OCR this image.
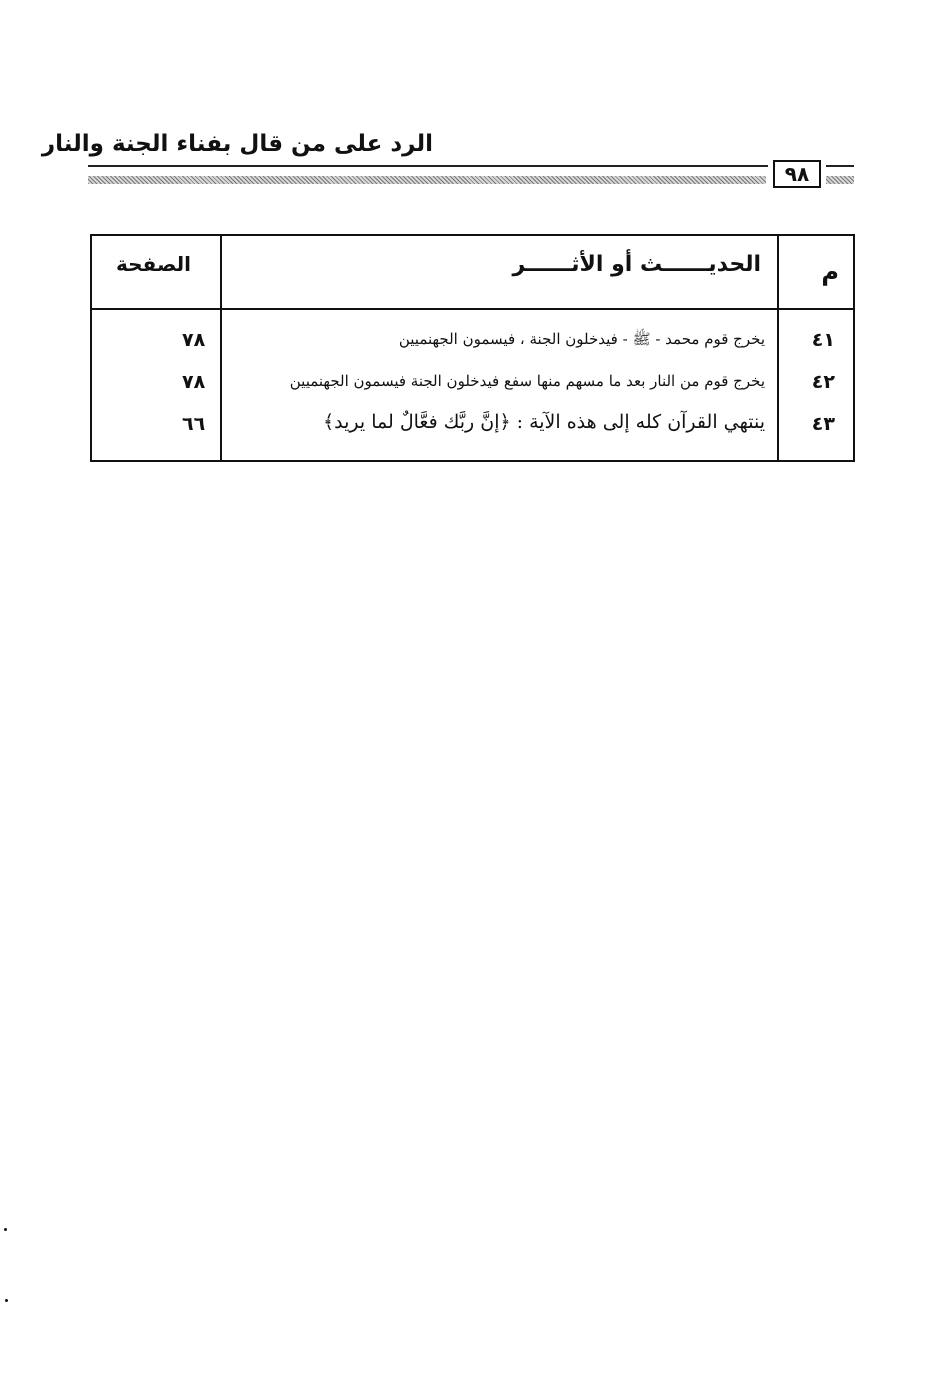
الرد على من قال بفناء الجنة والنار
٩٨
م
الحديــــــث أو الأثــــــر
الصفحة
٤١
يخرج قوم محمد - ﷺ - فيدخلون الجنة ، فيسمون الجهنميين
٧٨
٤٢
يخرج قوم من النار بعد ما مسهم منها سفع فيدخلون الجنة فيسمون الجهنميين
٧٨
٤٣
ينتهي القرآن كله إلى هذه الآية : ﴿إنَّ ربَّك فعَّالٌ لما يريد﴾
٦٦
